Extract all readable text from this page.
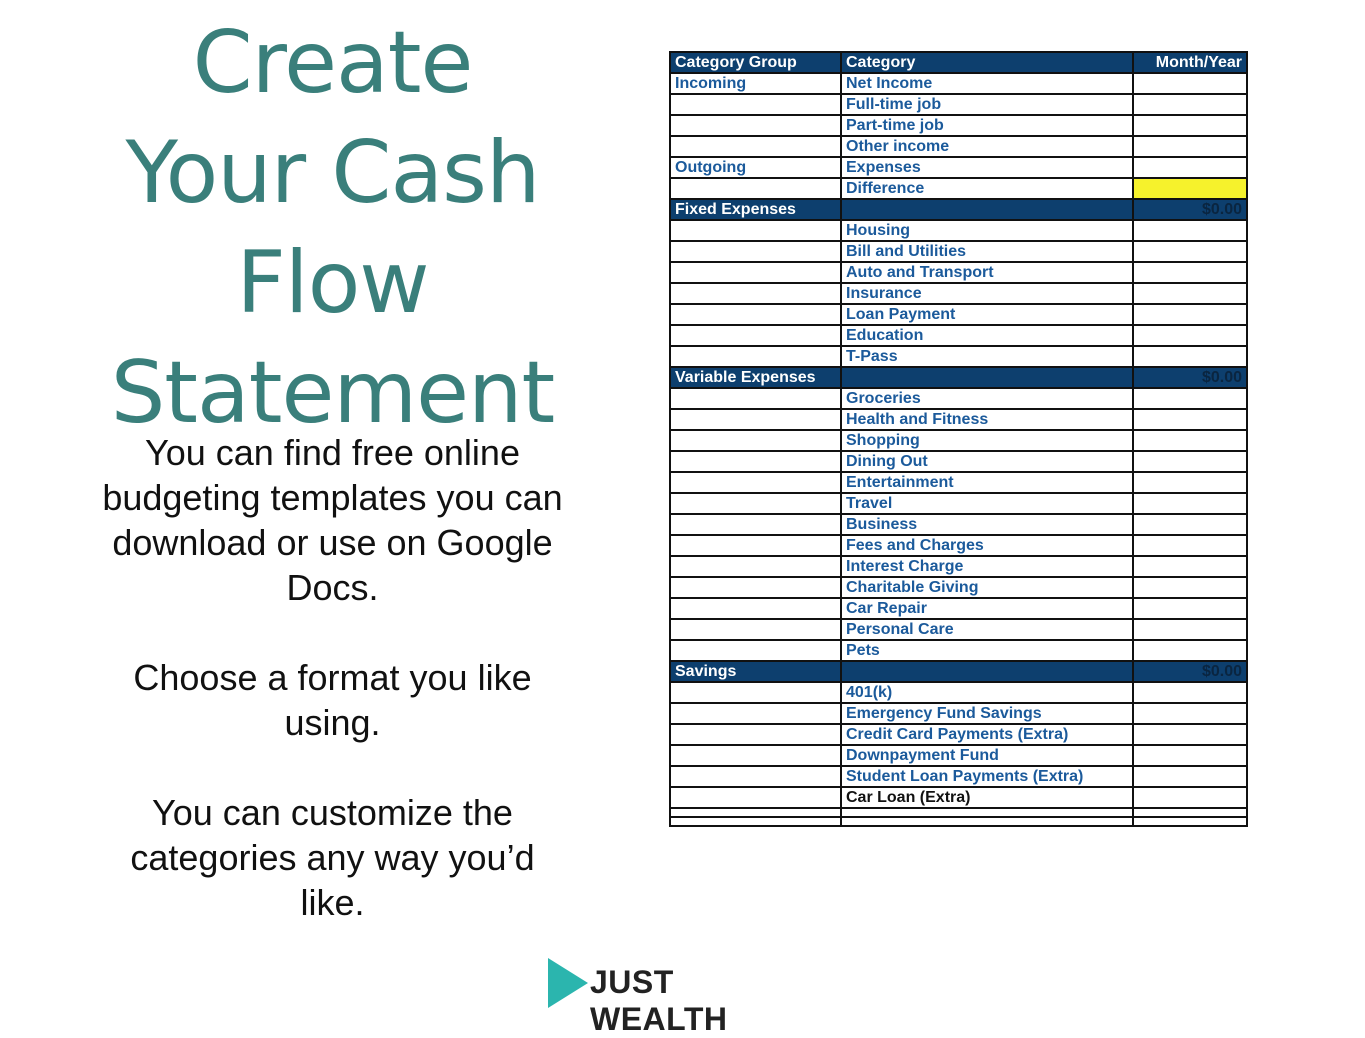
Create
Your Cash
Flow
Statement

You can find free online budgeting templates you can download or use on Google Docs.

Choose a format you like using.

You can customize the categories any way you’d like.

Category Group	Category	Month/Year
Incoming	Net Income	
	Full-time job	
	Part-time job	
	Other income	
Outgoing	Expenses	
	Difference	
Fixed Expenses		$0.00
	Housing	
	Bill and Utilities	
	Auto and Transport	
	Insurance	
	Loan Payment	
	Education	
	T-Pass	
Variable Expenses		$0.00
	Groceries	
	Health and Fitness	
	Shopping	
	Dining Out	
	Entertainment	
	Travel	
	Business	
	Fees and Charges	
	Interest Charge	
	Charitable Giving	
	Car Repair	
	Personal Care	
	Pets	
Savings		$0.00
	401(k)	
	Emergency Fund Savings	
	Credit Card Payments (Extra)	
	Downpayment Fund	
	Student Loan Payments (Extra)	
	Car Loan (Extra)	

JUST WEALTH
